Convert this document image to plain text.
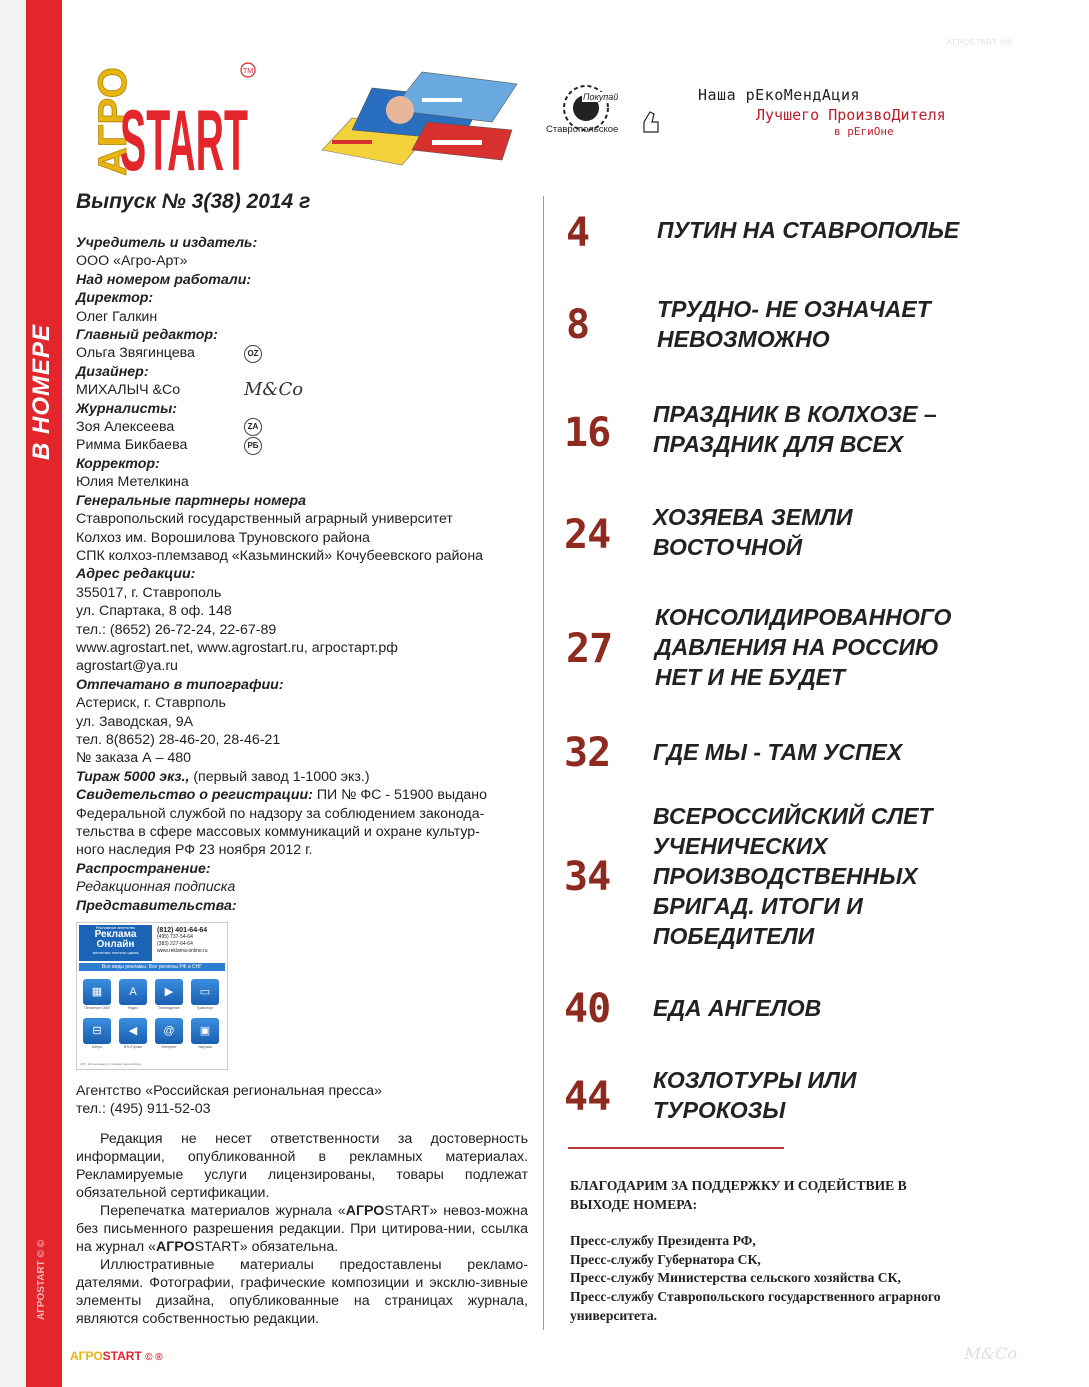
В НОМЕРЕ
АГРОSTART © ©
АГРОSTART ©®
АГРО
START
TM
Покупай
Ставропольское
Наша рЕкоМендАция
Лучшего ПроизвоДителя
в рЕгиОне
Выпуск № 3(38) 2014 г
Учредитель и издатель:
ООО «Агро-Арт»
Над номером работали:
Директор:
Олег Галкин
Главный редактор:
Ольга Звягинцева	OZ
Дизайнер:
МИХАЛЫЧ &Co	M&Co
Журналисты:
Зоя Алексеева	ZA
Римма Бикбаева	РБ
Корректор:
Юлия Метелкина
Генеральные партнеры номера
Ставропольский государственный аграрный университет
Колхоз им. Ворошилова Труновского района
СПК колхоз-племзавод «Казьминский» Кочубеевского района
Адрес редакции:
355017, г. Ставрополь
ул. Спартака, 8 оф. 148
тел.: (8652) 26-72-24, 22-67-89
www.agrostart.net, www.agrostart.ru, агростарт.рф
agrostart@ya.ru
Отпечатано в типографии:
Астериск, г. Ставрполь
ул. Заводская, 9А
тел. 8(8652) 28-46-20, 28-46-21
№ заказа А – 480
Тираж 5000 экз., (первый завод 1-1000 экз.)
Свидетельство о регистрации: ПИ № ФС - 51900 выдано
Федеральной службой по надзору за соблюдением законода-
тельства в сфере массовых коммуникаций и охране культур-
ного наследия РФ 23 ноября 2012 г.
Распространение:
Редакционная подписка
Представительства:
Рекламное агентство
Реклама
Онлайн
агентство полного цикла
(812) 401-64-64
(495) 737-54-64
(383) 227-64-64
www.reklama-online.ru
Все виды рекламы. Все регионы РФ и СНГ
▦
Печатные СМИ
A
Радио
▶
Телевидение
▭
Транспорт
⊟
Метро
◀
BTL/Промо
@
Интернет
▣
Наружка
СПб, Колокольная ул. Москва, Новосибирск
Агентство «Российская региональная пресса»
тел.: (495) 911-52-03

Редакция не несет ответственности за достоверность информации, опубликованной в рекламных материалах. Рекламируемые услуги лицензированы, товары подлежат обязательной сертификации.

Перепечатка материалов журнала «АГРОSTART» невоз-можна без письменного разрешения редакции. При цитирова-нии, ссылка на журнал «АГРОSTART» обязательна.

Иллюстративные материалы предоставлены рекламо-дателями. Фотографии, графические композиции и эксклю-зивные элементы дизайна, опубликованные на страницах журнала, являются собственностью редакции.

4	ПУТИН НА СТАВРОПОЛЬЕ
8	ТРУДНО- НЕ ОЗНАЧАЕТ НЕВОЗМОЖНО
16 ПРАЗДНИК В КОЛХОЗЕ – ПРАЗДНИК ДЛЯ ВСЕХ
24 ХОЗЯЕВА ЗЕМЛИ ВОСТОЧНОЙ
27
КОНСОЛИДИРОВАННОГО ДАВЛЕНИЯ НА РОССИЮ НЕТ И НЕ БУДЕТ
32 ГДЕ МЫ - ТАМ УСПЕХ
34
ВСЕРОССИЙСКИЙ СЛЕТ УЧЕНИЧЕСКИХ ПРОИЗВОДСТВЕННЫХ БРИГАД. ИТОГИ И ПОБЕДИТЕЛИ
40 ЕДА АНГЕЛОВ
44 КОЗЛОТУРЫ ИЛИ ТУРОКОЗЫ
БЛАГОДАРИМ ЗА ПОДДЕРЖКУ И СОДЕЙСТВИЕ В
ВЫХОДЕ НОМЕРА:
Пресс-службу Президента РФ,
Пресс-службу Губернатора СК,
Пресс-службу Министерства сельского хозяйства СК,
Пресс-службу Ставропольского государственного аграрного
университета.
АГРОSTART © ®	M&Co
